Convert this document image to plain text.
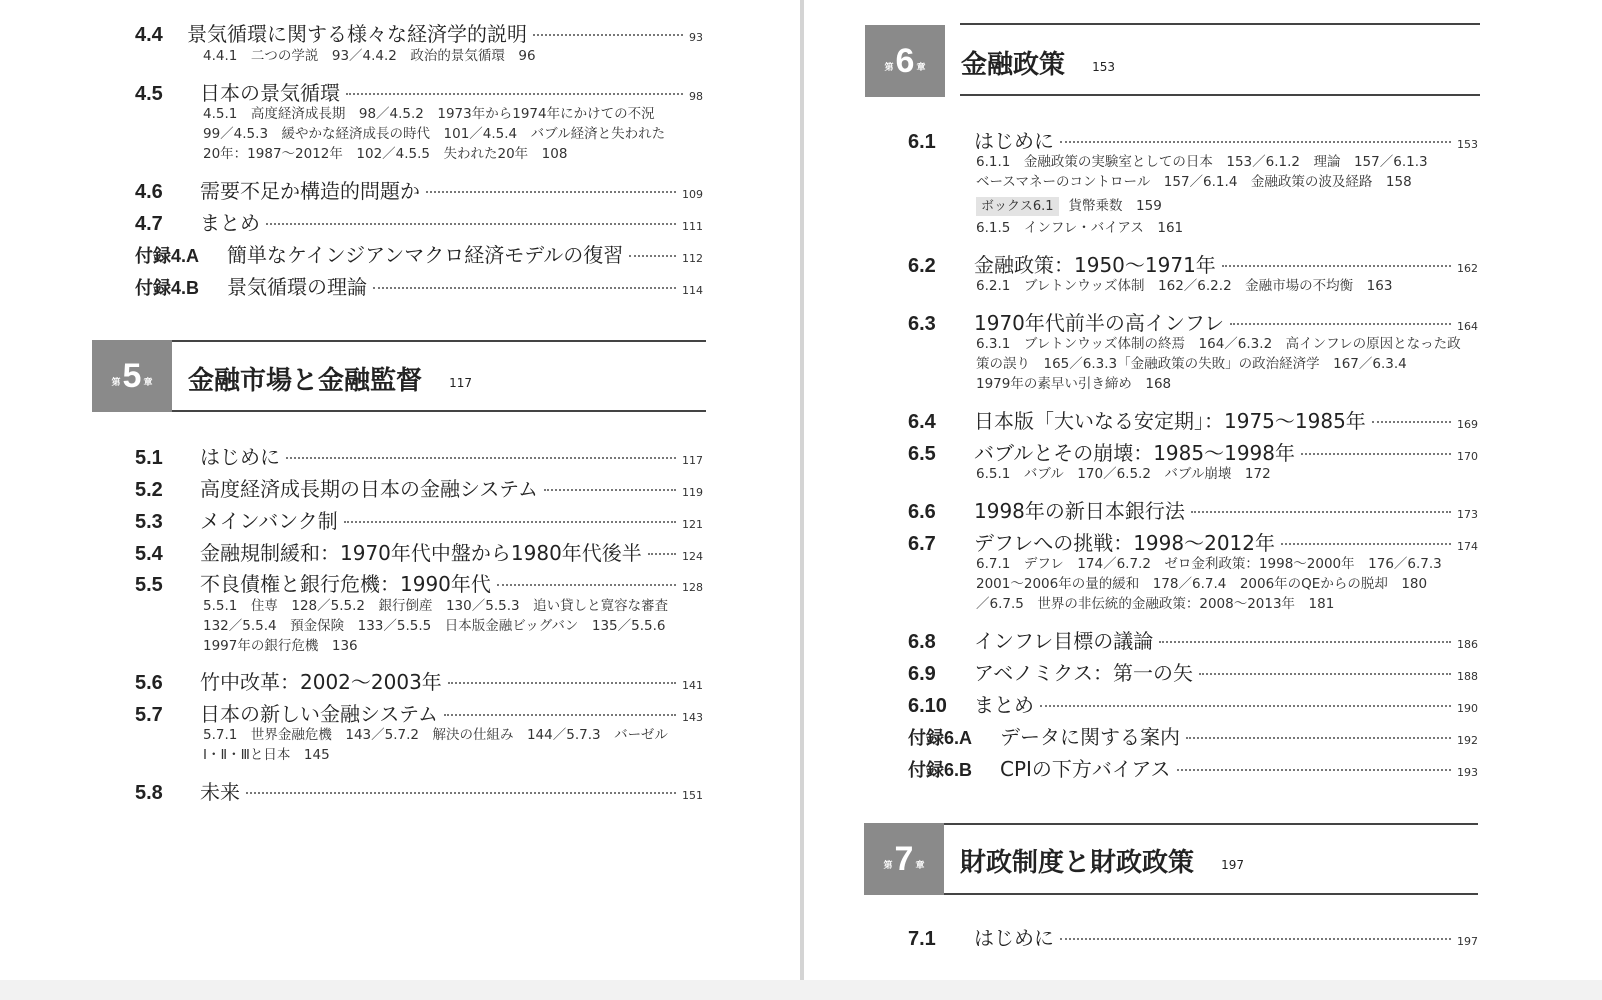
4.4	景気循環に関する様々な経済学的説明	93
4.4.1　二つの学説　93／4.4.2　政治的景気循環　96
4.5	日本の景気循環	98
4.5.1　高度経済成長期　98／4.5.2　1973年から1974年にかけての不況
99／4.5.3　緩やかな経済成長の時代　101／4.5.4　バブル経済と失われた
20年：1987〜2012年　102／4.5.5　失われた20年　108
4.6	需要不足か構造的問題か	109
4.7	まとめ	111
付録4.A	簡単なケインジアンマクロ経済モデルの復習	112
付録4.B	景気循環の理論	114
第 5 章 金融市場と金融監督 117
5.1	はじめに	117
5.2	高度経済成長期の日本の金融システム	119
5.3	メインバンク制	121
5.4	金融規制緩和：1970年代中盤から1980年代後半	124
5.5	不良債権と銀行危機：1990年代	128
5.5.1　住専　128／5.5.2　銀行倒産　130／5.5.3　追い貸しと寛容な審査
132／5.5.4　預金保険　133／5.5.5　日本版金融ビッグバン　135／5.5.6
1997年の銀行危機　136
5.6	竹中改革：2002〜2003年	141
5.7	日本の新しい金融システム	143
5.7.1　世界金融危機　143／5.7.2　解決の仕組み　144／5.7.3　バーゼル
Ⅰ・Ⅱ・Ⅲと日本　145
5.8	未来	151
第 6 章 金融政策 153
6.1	はじめに	153
6.1.1　金融政策の実験室としての日本　153／6.1.2　理論　157／6.1.3
ベースマネーのコントロール　157／6.1.4　金融政策の波及経路　158
ボックス6.1 貨幣乗数　159
6.1.5　インフレ・バイアス　161
6.2	金融政策：1950〜1971年	162
6.2.1　ブレトンウッズ体制　162／6.2.2　金融市場の不均衡　163
6.3	1970年代前半の高インフレ	164
6.3.1　ブレトンウッズ体制の終焉　164／6.3.2　高インフレの原因となった政
策の誤り　165／6.3.3「金融政策の失敗」の政治経済学　167／6.3.4
1979年の素早い引き締め　168
6.4	日本版「大いなる安定期」：1975〜1985年	169
6.5	バブルとその崩壊：1985〜1998年	170
6.5.1　バブル　170／6.5.2　バブル崩壊　172
6.6	1998年の新日本銀行法	173
6.7	デフレへの挑戦：1998〜2012年	174
6.7.1　デフレ　174／6.7.2　ゼロ金利政策：1998〜2000年　176／6.7.3
2001〜2006年の量的緩和　178／6.7.4　2006年のQEからの脱却　180
／6.7.5　世界の非伝統的金融政策：2008〜2013年　181
6.8	インフレ目標の議論	186
6.9	アベノミクス：第一の矢	188
6.10	まとめ	190
付録6.A	データに関する案内	192
付録6.B	CPIの下方バイアス	193
第 7 章 財政制度と財政政策 197
7.1	はじめに	197
